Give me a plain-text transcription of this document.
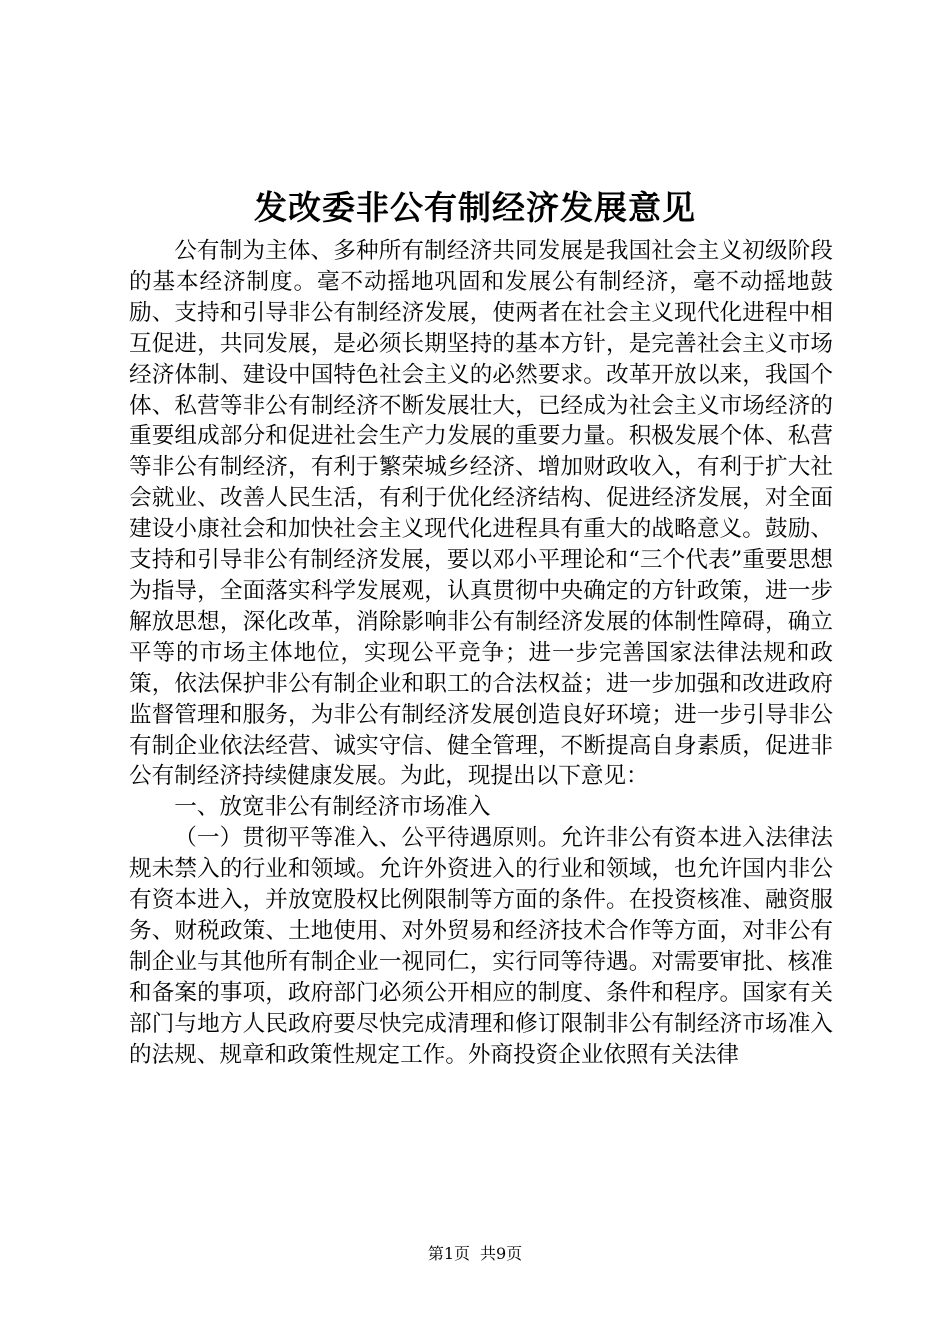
发改委非公有制经济发展意见

公有制为主体、多种所有制经济共同发展是我国社会主义初级阶段的基本经济制度。毫不动摇地巩固和发展公有制经济，毫不动摇地鼓励、支持和引导非公有制经济发展，使两者在社会主义现代化进程中相互促进，共同发展，是必须长期坚持的基本方针，是完善社会主义市场经济体制、建设中国特色社会主义的必然要求。改革开放以来，我国个体、私营等非公有制经济不断发展壮大，已经成为社会主义市场经济的重要组成部分和促进社会生产力发展的重要力量。积极发展个体、私营等非公有制经济，有利于繁荣城乡经济、增加财政收入，有利于扩大社会就业、改善人民生活，有利于优化经济结构、促进经济发展，对全面建设小康社会和加快社会主义现代化进程具有重大的战略意义。鼓励、支持和引导非公有制经济发展，要以邓小平理论和“三个代表”重要思想为指导，全面落实科学发展观，认真贯彻中央确定的方针政策，进一步解放思想，深化改革，消除影响非公有制经济发展的体制性障碍，确立平等的市场主体地位，实现公平竞争；进一步完善国家法律法规和政策，依法保护非公有制企业和职工的合法权益；进一步加强和改进政府监督管理和服务，为非公有制经济发展创造良好环境；进一步引导非公有制企业依法经营、诚实守信、健全管理，不断提高自身素质，促进非公有制经济持续健康发展。为此，现提出以下意见：

一、放宽非公有制经济市场准入

（一）贯彻平等准入、公平待遇原则。允许非公有资本进入法律法规未禁入的行业和领域。允许外资进入的行业和领域，也允许国内非公有资本进入，并放宽股权比例限制等方面的条件。在投资核准、融资服务、财税政策、土地使用、对外贸易和经济技术合作等方面，对非公有制企业与其他所有制企业一视同仁，实行同等待遇。对需要审批、核准和备案的事项，政府部门必须公开相应的制度、条件和程序。国家有关部门与地方人民政府要尽快完成清理和修订限制非公有制经济市场准入的法规、规章和政策性规定工作。外商投资企业依照有关法律

第1页 共9页
